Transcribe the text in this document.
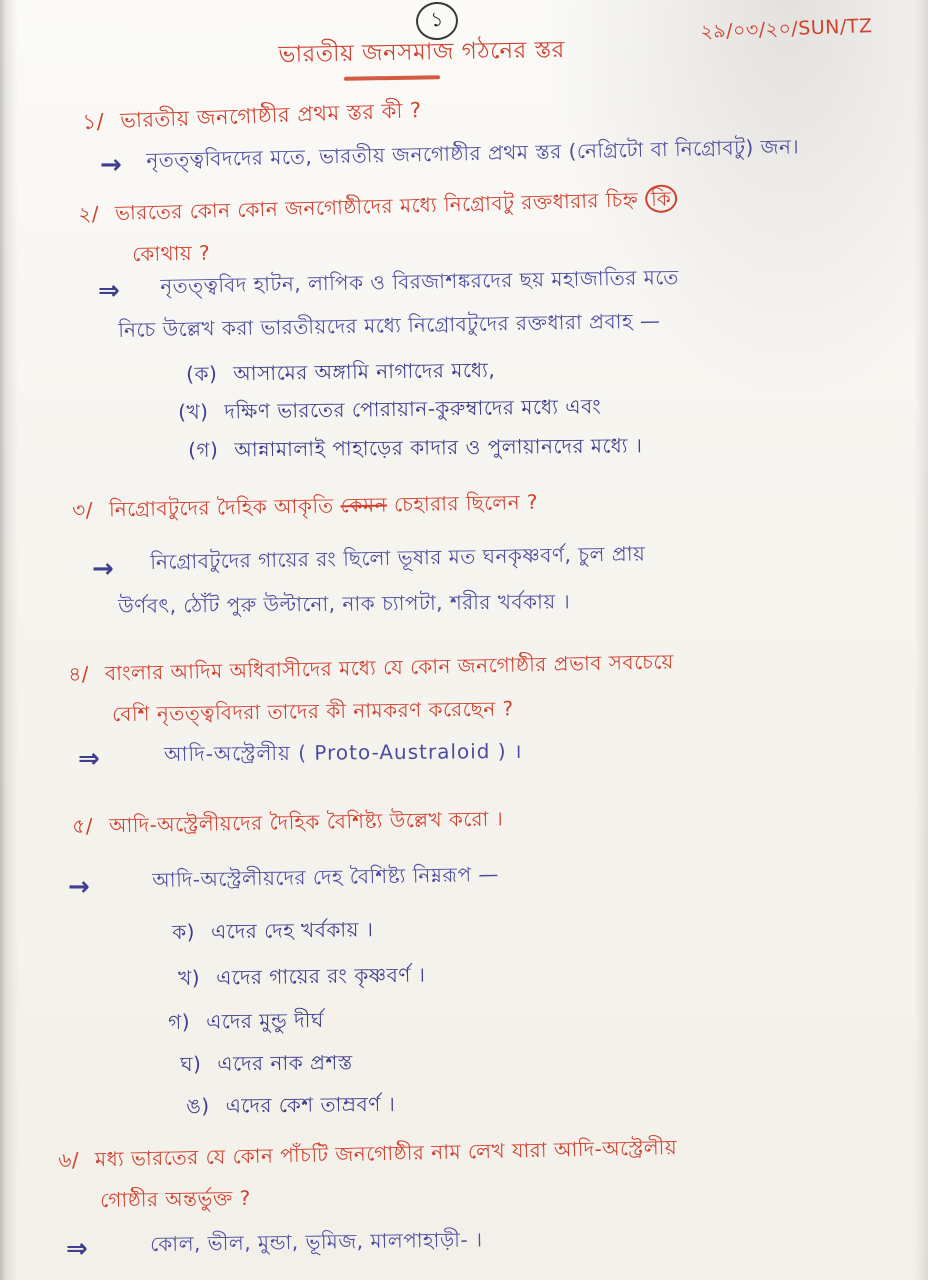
১	২৯/০৩/২০/SUN/TZ
ভারতীয় জনসমাজ গঠনের স্তর
১/ ভারতীয় জনগোষ্ঠীর প্রথম স্তর কী ?
→	নৃতত্ত্ববিদদের মতে, ভারতীয় জনগোষ্ঠীর প্রথম স্তর (নেগ্রিটো বা নিগ্রোবটু) জন।
২/ ভারতের কোন কোন জনগোষ্ঠীদের মধ্যে নিগ্রোবটু রক্তধারার চিহ্ন কি
কোথায় ?
⇒	নৃতত্ত্ববিদ হাটন, লাপিক ও বিরজাশঙ্করদের ছয় মহাজাতির মতে
নিচে উল্লেখ করা ভারতীয়দের মধ্যে নিগ্রোবটুদের রক্তধারা প্রবাহ —
(ক) আসামের অঙ্গামি নাগাদের মধ্যে,
(খ) দক্ষিণ ভারতের পোরায়ান-কুরুম্বাদের মধ্যে এবং
(গ) আন্নামালাই পাহাড়ের কাদার ও পুলায়ানদের মধ্যে ।
৩/ নিগ্রোবটুদের দৈহিক আকৃতি কেমন চেহারার ছিলেন ?
→	নিগ্রোবটুদের গায়ের রং ছিলো ভূষার মত ঘনকৃষ্ণবর্ণ, চুল প্রায়
উর্ণবৎ, ঠোঁট পুরু উল্টানো, নাক চ্যাপটা, শরীর খর্বকায় ।
৪/ বাংলার আদিম অধিবাসীদের মধ্যে যে কোন জনগোষ্ঠীর প্রভাব সবচেয়ে
বেশি নৃতত্ত্ববিদরা তাদের কী নামকরণ করেছেন ?
⇒	আদি-অস্ট্রেলীয় ( Proto-Australoid ) ।
৫/ আদি-অস্ট্রেলীয়দের দৈহিক বৈশিষ্ট্য উল্লেখ করো ।
→	আদি-অস্ট্রেলীয়দের দেহ বৈশিষ্ট্য নিম্নরূপ —
ক) এদের দেহ খর্বকায় ।
খ) এদের গায়ের রং কৃষ্ণবর্ণ ।
গ) এদের মুন্ডু দীর্ঘ
ঘ) এদের নাক প্রশস্ত
ঙ) এদের কেশ তাম্রবর্ণ ।
৬/ মধ্য ভারতের যে কোন পাঁচটি জনগোষ্ঠীর নাম লেখ যারা আদি-অস্ট্রেলীয়
গোষ্ঠীর অন্তর্ভুক্ত ?
⇒	কোল, ভীল, মুন্ডা, ভূমিজ, মালপাহাড়ী- ।
